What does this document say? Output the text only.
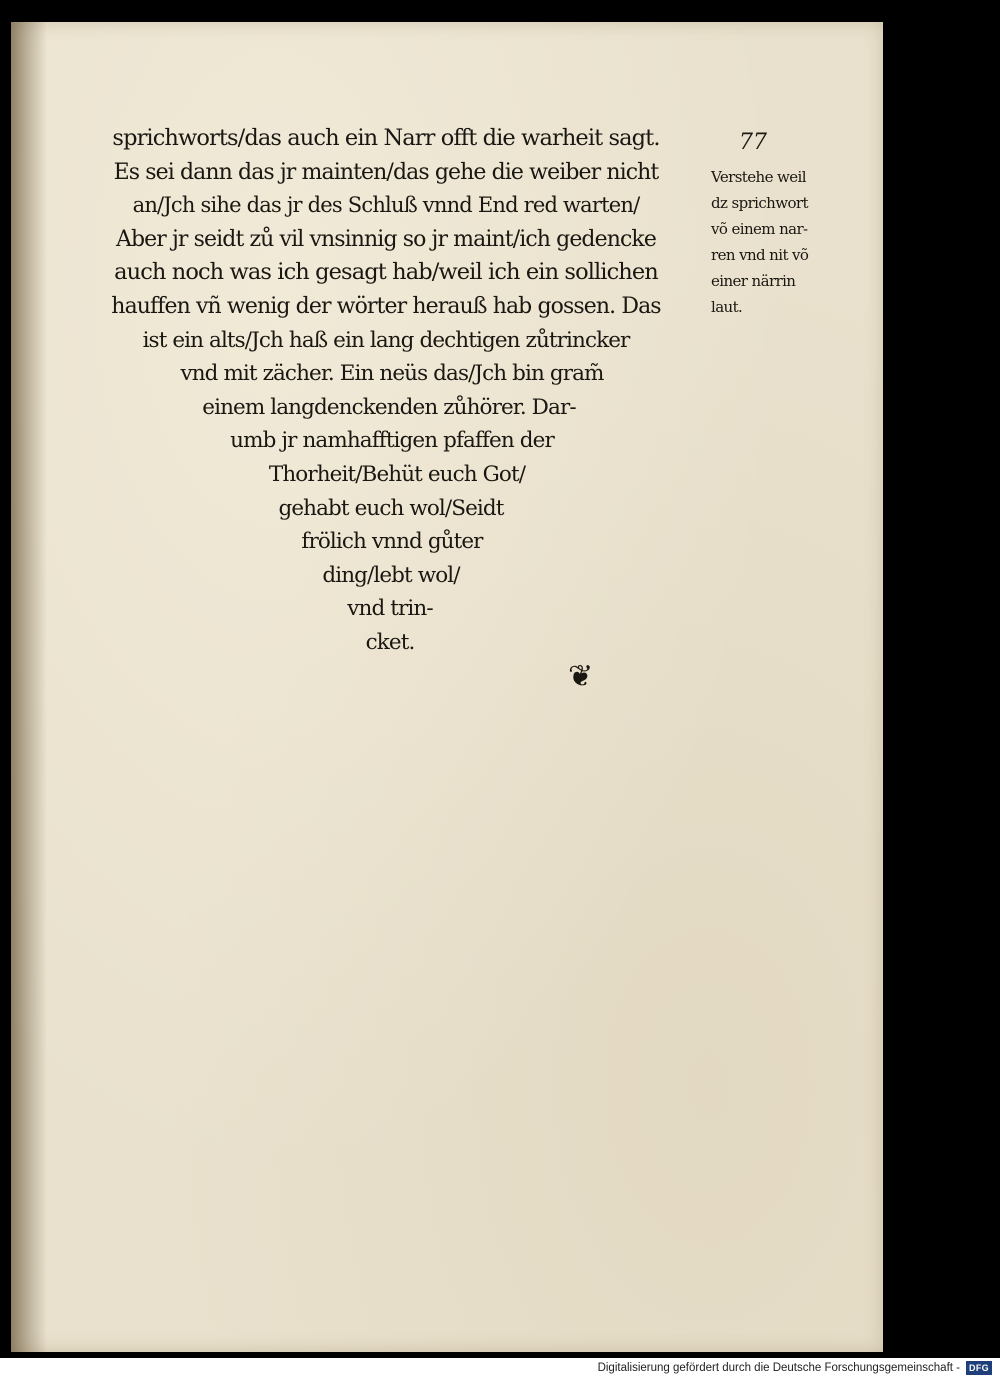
77

sprichworts/das auch ein Narr offt die warheit sagt.
Es sei dann das jr mainten/das gehe die weiber nicht
an/Jch sihe das jr des Schluß vnnd End red warten/
Aber jr seidt zů vil vnsinnig so jr maint/ich gedencke
auch noch was ich gesagt hab/weil ich ein sollichen
hauffen vñ wenig der wörter herauß hab gossen. Das
ist ein alts/Jch haß ein lang dechtigen zůtrincker
vnd mit zächer. Ein neüs das/Jch bin gram̃
einem langdenckenden zůhörer. Dar-
umb jr namhafftigen pfaffen der
Thorheit/Behüt euch Got/
gehabt euch wol/Seidt
frölich vnnd gůter
ding/lebt wol/
vnd trin-
cket.
Verstehe weil
dz sprichwort
võ einem nar-
ren vnd nit võ
einer närrin
laut.

❦

Digitalisierung gefördert durch die Deutsche Forschungsgemeinschaft -	DFG
